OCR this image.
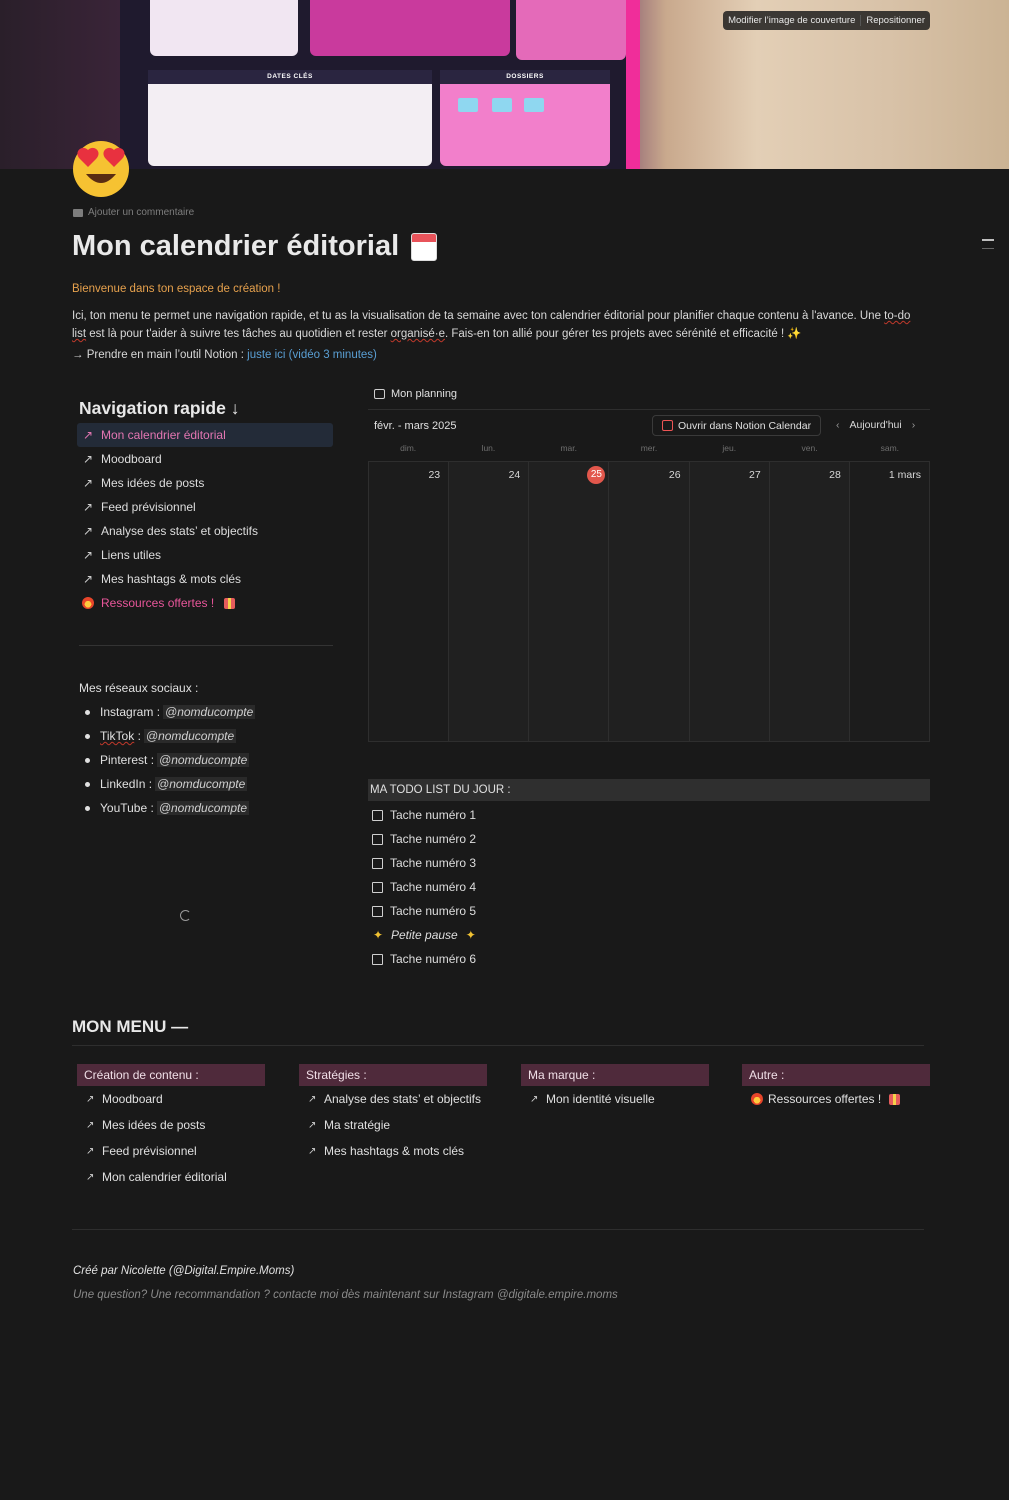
DATES CLÉS	DOSSIERS
Modifier l’image de couverture	Repositionner
Ajouter un commentaire
Mon calendrier éditorial

Bienvenue dans ton espace de création !

Ici, ton menu te permet une navigation rapide, et tu as la visualisation de ta semaine avec ton calendrier éditorial pour planifier chaque contenu à l'avance. Une to-do list est là pour t'aider à suivre tes tâches au quotidien et rester organisé·e. Fais-en ton allié pour gérer tes projets avec sérénité et efficacité ! ✨

→ Prendre en main l’outil Notion : juste ici (vidéo 3 minutes)

Navigation rapide ↓
↗ Mon calendrier éditorial
↗ Moodboard
↗ Mes idées de posts
↗ Feed prévisionnel
↗ Analyse des stats’ et objectifs
↗ Liens utiles
↗ Mes hashtags & mots clés
Ressources offertes !

Mes réseaux sociaux :

Instagram : @nomducompte
TikTok : @nomducompte
Pinterest : @nomducompte
LinkedIn : @nomducompte
YouTube : @nomducompte
Mon planning
févr. - mars 2025	Ouvrir dans Notion Calendar ‹ Aujourd'hui ›
dim.	lun.	mar.	mer.	jeu.	ven.	sam.
23	24	25	26	27	28	1 mars
MA TODO LIST DU JOUR :
Tache numéro 1
Tache numéro 2
Tache numéro 3
Tache numéro 4
Tache numéro 5
✦ Petite pause ✦
Tache numéro 6
MON MENU —
Création de contenu :
↗ Moodboard
↗ Mes idées de posts
↗ Feed prévisionnel
↗ Mon calendrier éditorial
Stratégies :
↗ Analyse des stats’ et objectifs
↗ Ma stratégie
↗ Mes hashtags & mots clés
Ma marque :
↗ Mon identité visuelle
Autre :
Ressources offertes !

Créé par Nicolette (@Digital.Empire.Moms)

Une question? Une recommandation ? contacte moi dès maintenant sur Instagram @digitale.empire.moms
